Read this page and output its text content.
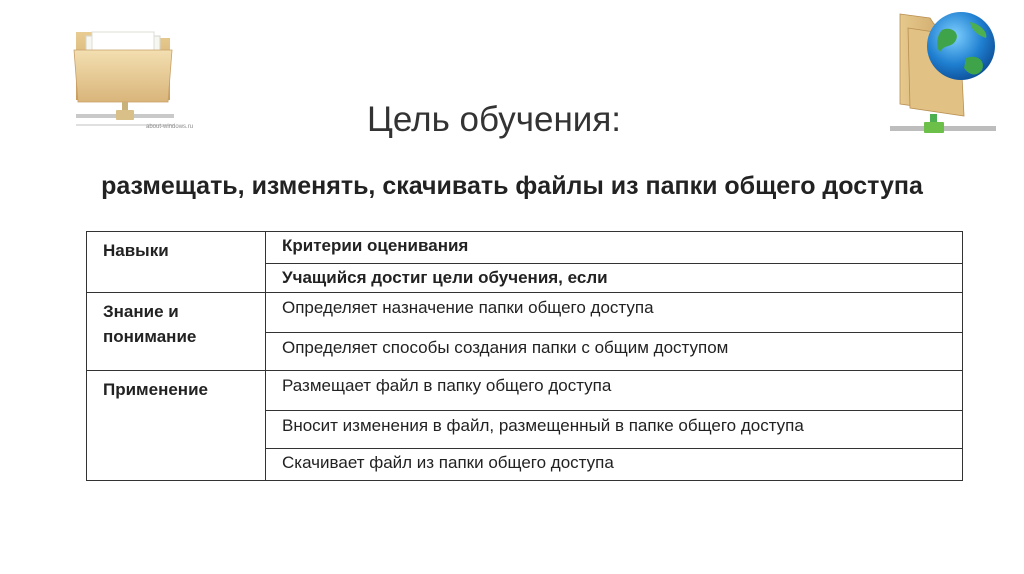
about-windows.ru	Цель обучения:
размещать, изменять, скачивать файлы из папки общего доступа
Навыки	Критерии оценивания
	Учащийся достиг цели обучения, если
Знание и понимание	Определяет назначение папки общего доступа
	Определяет способы создания папки с общим доступом
Применение	Размещает файл в папку общего доступа
	Вносит изменения в файл, размещенный в папке общего доступа
	Скачивает файл из папки общего доступа
